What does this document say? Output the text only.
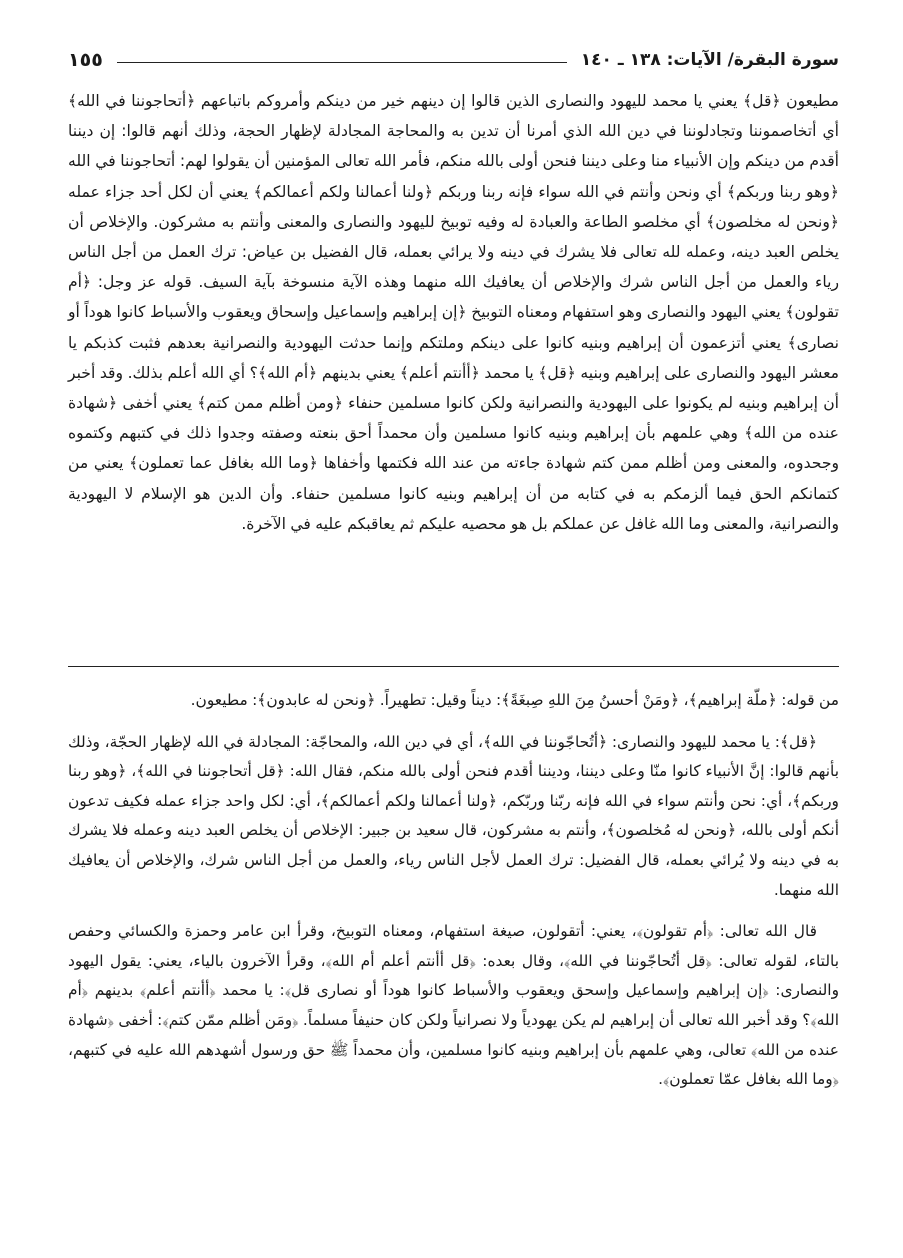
سورة البقرة/ الآيات: ١٣٨ ـ ١٤٠
١٥٥

مطيعون ﴿قل﴾ يعني يا محمد لليهود والنصارى الذين قالوا إن دينهم خير من دينكم وأمروكم باتباعهم ﴿أتحاجوننا في الله﴾ أي أتخاصموننا وتجادلوننا في دين الله الذي أمرنا أن تدين به والمحاجة المجادلة لإظهار الحجة، وذلك أنهم قالوا: إن ديننا أقدم من دينكم وإن الأنبياء منا وعلى ديننا فنحن أولى بالله منكم، فأمر الله تعالى المؤمنين أن يقولوا لهم: أتحاجوننا في الله ﴿وهو ربنا وربكم﴾ أي ونحن وأنتم في الله سواء فإنه ربنا وربكم ﴿ولنا أعمالنا ولكم أعمالكم﴾ يعني أن لكل أحد جزاء عمله ﴿ونحن له مخلصون﴾ أي مخلصو الطاعة والعبادة له وفيه توبيخ لليهود والنصارى والمعنى وأنتم به مشركون. والإخلاص أن يخلص العبد دينه، وعمله لله تعالى فلا يشرك في دينه ولا يرائي بعمله، قال الفضيل بن عياض: ترك العمل من أجل الناس رياء والعمل من أجل الناس شرك والإخلاص أن يعافيك الله منهما وهذه الآية منسوخة بآية السيف. قوله عز وجل: ﴿أم تقولون﴾ يعني اليهود والنصارى وهو استفهام ومعناه التوبيخ ﴿إن إبراهيم وإسماعيل وإسحاق ويعقوب والأسباط كانوا هوداً أو نصارى﴾ يعني أتزعمون أن إبراهيم وبنيه كانوا على دينكم وملتكم وإنما حدثت اليهودية والنصرانية بعدهم فثبت كذبكم يا معشر اليهود والنصارى على إبراهيم وبنيه ﴿قل﴾ يا محمد ﴿أأنتم أعلم﴾ يعني بدينهم ﴿أم الله﴾؟ أي الله أعلم بذلك. وقد أخبر أن إبراهيم وبنيه لم يكونوا على اليهودية والنصرانية ولكن كانوا مسلمين حنفاء ﴿ومن أظلم ممن كتم﴾ يعني أخفى ﴿شهادة عنده من الله﴾ وهي علمهم بأن إبراهيم وبنيه كانوا مسلمين وأن محمداً أحق بنعته وصفته وجدوا ذلك في كتبهم وكتموه وجحدوه، والمعنى ومن أظلم ممن كتم شهادة جاءته من عند الله فكتمها وأخفاها ﴿وما الله بغافل عما تعملون﴾ يعني من كتمانكم الحق فيما ألزمكم به في كتابه من أن إبراهيم وبنيه كانوا مسلمين حنفاء. وأن الدين هو الإسلام لا اليهودية والنصرانية، والمعنى وما الله غافل عن عملكم بل هو محصيه عليكم ثم يعاقبكم عليه في الآخرة.

من قوله: ﴿ملّة إبراهيم﴾، ﴿ومَنْ أحسنُ مِنَ اللهِ صِبغَةً﴾: ديناً وقيل: تطهيراً. ﴿ونحن له عابدون﴾: مطيعون.

﴿قل﴾: يا محمد لليهود والنصارى: ﴿أتُحاجّوننا في الله﴾، أي في دين الله، والمحاجّة: المجادلة في الله لإظهار الحجّة، وذلك بأنهم قالوا: إنَّ الأنبياء كانوا منّا وعلى ديننا، وديننا أقدم فنحن أولى بالله منكم، فقال الله: ﴿قل أتحاجوننا في الله﴾، ﴿وهو ربنا وربكم﴾، أي: نحن وأنتم سواء في الله فإنه ربّنا وربّكم، ﴿ولنا أعمالنا ولكم أعمالكم﴾، أي: لكل واحد جزاء عمله فكيف تدعون أنكم أولى بالله، ﴿ونحن له مُخلصون﴾، وأنتم به مشركون، قال سعيد بن جبير: الإخلاص أن يخلص العبد دينه وعمله فلا يشرك به في دينه ولا يُرائي بعمله، قال الفضيل: ترك العمل لأجل الناس رياء، والعمل من أجل الناس شرك، والإخلاص أن يعافيك الله منهما.

قال الله تعالى: ﴿أم تقولون﴾، يعني: أتقولون، صيغة استفهام، ومعناه التوبيخ، وقرأ ابن عامر وحمزة والكسائي وحفص بالتاء، لقوله تعالى: ﴿قل أتُحاجّوننا في الله﴾، وقال بعده: ﴿قل أأنتم أعلم أم الله﴾، وقرأ الآخرون بالياء، يعني: يقول اليهود والنصارى: ﴿إن إبراهيم وإسماعيل وإسحق ويعقوب والأسباط كانوا هوداً أو نصارى قل﴾: يا محمد ﴿أأنتم أعلم﴾ بدينهم ﴿أم الله﴾؟ وقد أخبر الله تعالى أن إبراهيم لم يكن يهودياً ولا نصرانياً ولكن كان حنيفاً مسلماً. ﴿ومَن أظلم ممّن كتم﴾: أخفى ﴿شهادة عنده من الله﴾ تعالى، وهي علمهم بأن إبراهيم وبنيه كانوا مسلمين، وأن محمداً ﷺ حق ورسول أشهدهم الله عليه في كتبهم، ﴿وما الله بغافل عمّا تعملون﴾.
